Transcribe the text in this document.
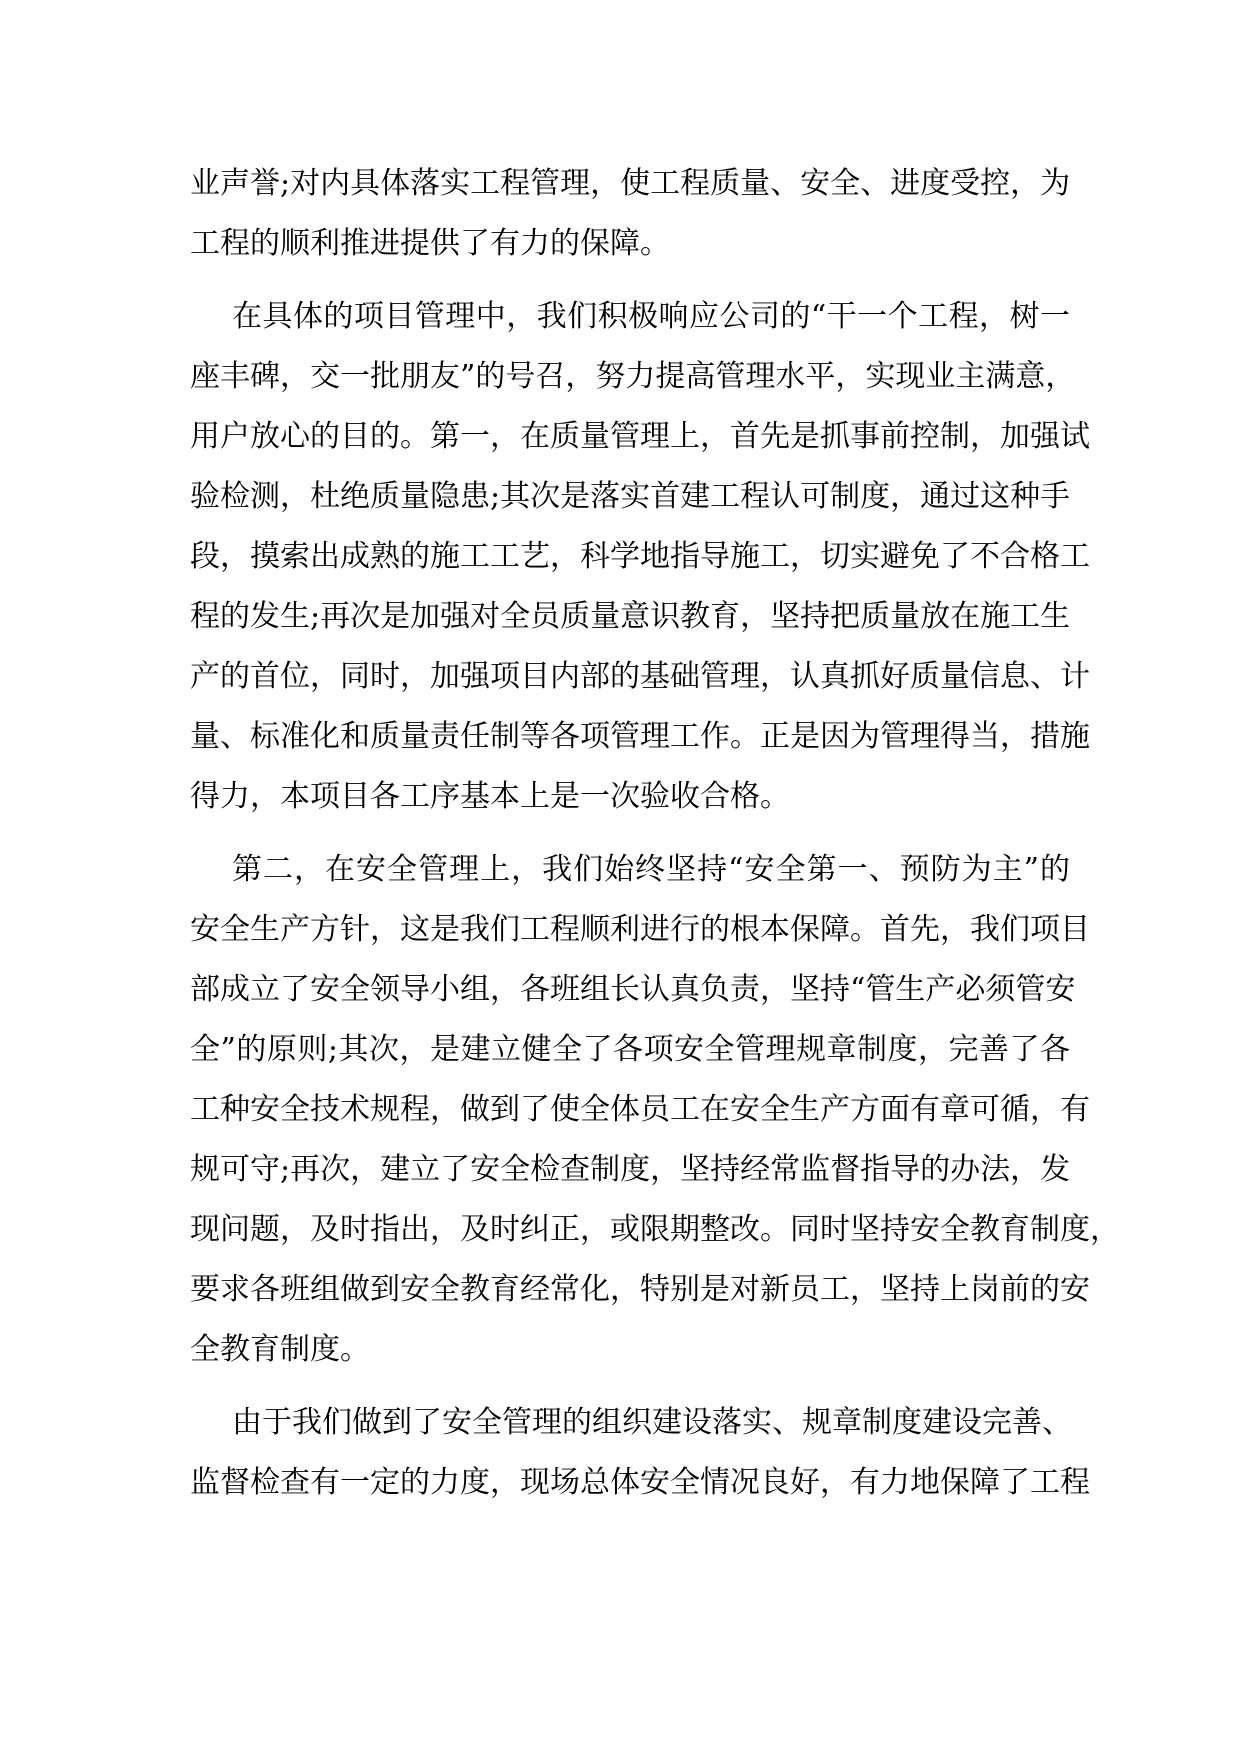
业声誉;对内具体落实工程管理，使工程质量、安全、进度受控，为
工程的顺利推进提供了有力的保障。
在具体的项目管理中，我们积极响应公司的“干一个工程，树一
座丰碑，交一批朋友”的号召，努力提高管理水平，实现业主满意，
用户放心的目的。第一，在质量管理上，首先是抓事前控制，加强试
验检测，杜绝质量隐患;其次是落实首建工程认可制度，通过这种手
段，摸索出成熟的施工工艺，科学地指导施工，切实避免了不合格工
程的发生;再次是加强对全员质量意识教育，坚持把质量放在施工生
产的首位，同时，加强项目内部的基础管理，认真抓好质量信息、计
量、标准化和质量责任制等各项管理工作。正是因为管理得当，措施
得力，本项目各工序基本上是一次验收合格。
第二，在安全管理上，我们始终坚持“安全第一、预防为主”的
安全生产方针，这是我们工程顺利进行的根本保障。首先，我们项目
部成立了安全领导小组，各班组长认真负责，坚持“管生产必须管安
全”的原则;其次，是建立健全了各项安全管理规章制度，完善了各
工种安全技术规程，做到了使全体员工在安全生产方面有章可循，有
规可守;再次，建立了安全检查制度，坚持经常监督指导的办法，发
现问题，及时指出，及时纠正，或限期整改。同时坚持安全教育制度，
要求各班组做到安全教育经常化，特别是对新员工，坚持上岗前的安
全教育制度。
由于我们做到了安全管理的组织建设落实、规章制度建设完善、
监督检查有一定的力度，现场总体安全情况良好，有力地保障了工程
